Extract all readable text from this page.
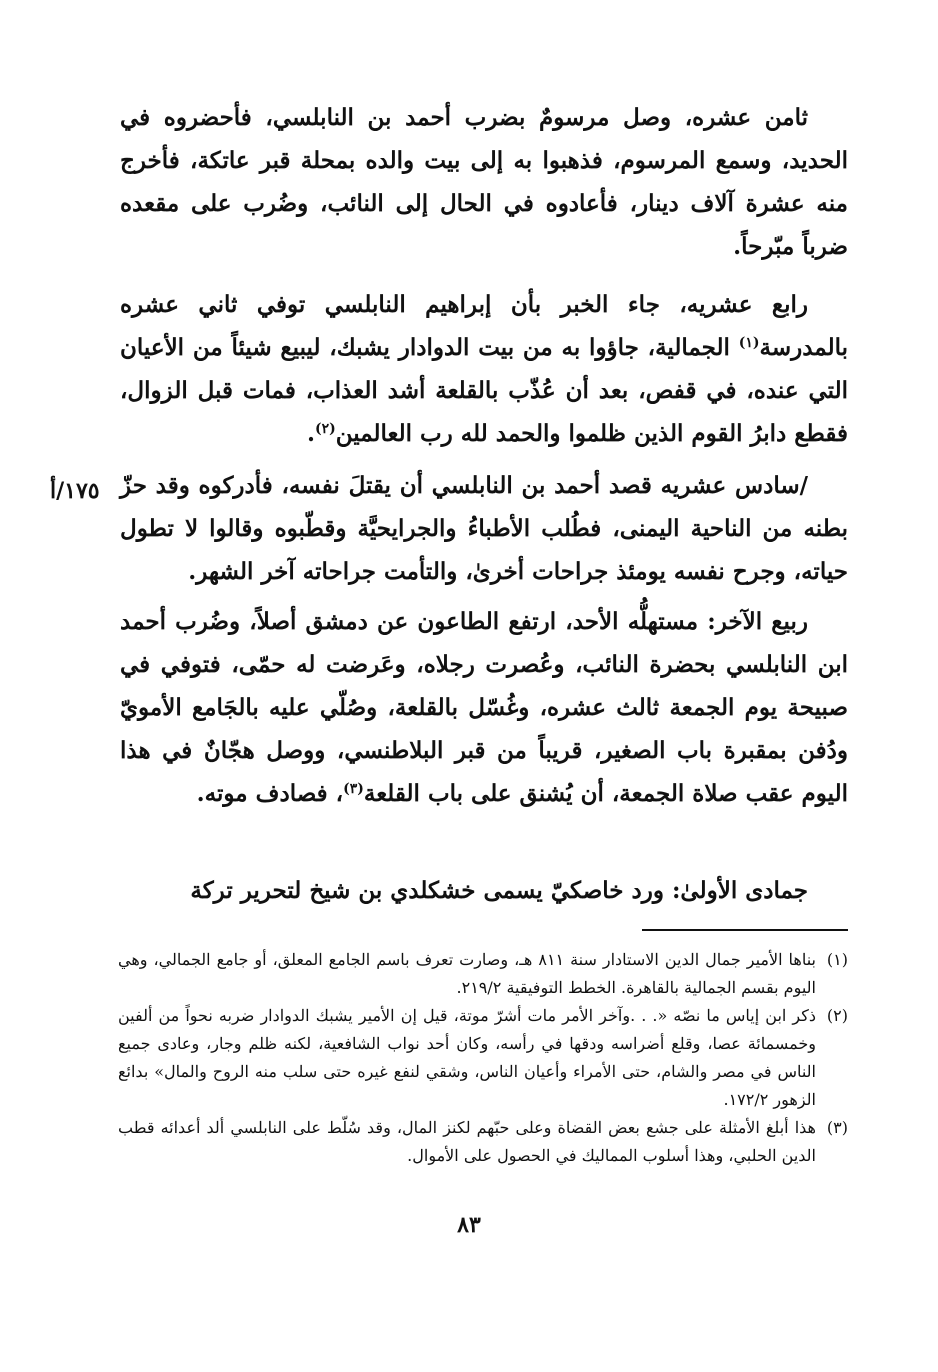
ثامن عشره، وصل مرسومٌ بضرب أحمد بن النابلسي، فأحضروه في الحديد، وسمع المرسوم، فذهبوا به إلى بيت والده بمحلة قبر عاتكة، فأخرج منه عشرة آلاف دينار، فأعادوه في الحال إلى النائب، وضُرب على مقعده ضرباً مبّرحاً.

رابع عشريه، جاء الخبر بأن إبراهيم النابلسي توفي ثاني عشره بالمدرسة$^{(١)}$ الجمالية، جاؤوا به من بيت الدوادار يشبك، ليبيع شيئاً من الأعيان التي عنده، في قفص، بعد أن عُذّب بالقلعة أشد العذاب، فمات قبل الزوال، فقطع دابرُ القوم الذين ظلموا والحمد لله رب العالمين$^{(٢)}$.

١٧٥/أ /سادس عشريه قصد أحمد بن النابلسي أن يقتلَ نفسه، فأدركوه وقد حزّ بطنه من الناحية اليمنى، فطُلب الأطباءُ والجرايحيَّة وقطّبوه وقالوا لا تطول حياته، وجرح نفسه يومئذ جراحات أخرىٰ، والتأمت جراحاته آخر الشهر.

ربيع الآخر: مستهلُّه الأحد، ارتفع الطاعون عن دمشق أصلاً، وضُرب أحمد ابن النابلسي بحضرة النائب، وعُصرت رجلاه، وعَرضت له حمّى، فتوفي في صبيحة يوم الجمعة ثالث عشره، وغُسّل بالقلعة، وصُلّي عليه بالجَامع الأمويّ ودُفن بمقبرة باب الصغير، قريباً من قبر البلاطنسي، ووصل هجّانٌ في هذا اليوم عقب صلاة الجمعة، أن يُشنق على باب القلعة$^{(٣)}$، فصادف موته.

جمادى الأولىٰ: ورد خاصكيّ يسمى خشكلدي بن شيخ لتحرير تركة

(١)
بناها الأمير جمال الدين الاستادار سنة ٨١١ هـ، وصارت تعرف باسم الجامع المعلق، أو جامع الجمالي، وهي اليوم بقسم الجمالية بالقاهرة. الخطط التوفيقية ٢١٩/٢.
(٢)
ذكر ابن إياس ما نصّه «. . .وآخر الأمر مات أشرّ موتة، قيل إن الأمير يشبك الدوادار ضربه نحواً من ألفين وخمسمائة عصا، وقلع أضراسه ودقها في رأسه، وكان أحد نواب الشافعية، لكنه ظلم وجار، وعادى جميع الناس في مصر والشام، حتى الأمراء وأعيان الناس، وشقي لنفع غيره حتى سلب منه الروح والمال» بدائع الزهور ١٧٢/٢.
(٣)
هذا أبلغ الأمثلة على جشع بعض القضاة وعلى حبّهم لكنز المال، وقد سُلّط على النابلسي ألد أعدائه قطب الدين الحلبي، وهذا أسلوب المماليك في الحصول على الأموال.
٨٣
